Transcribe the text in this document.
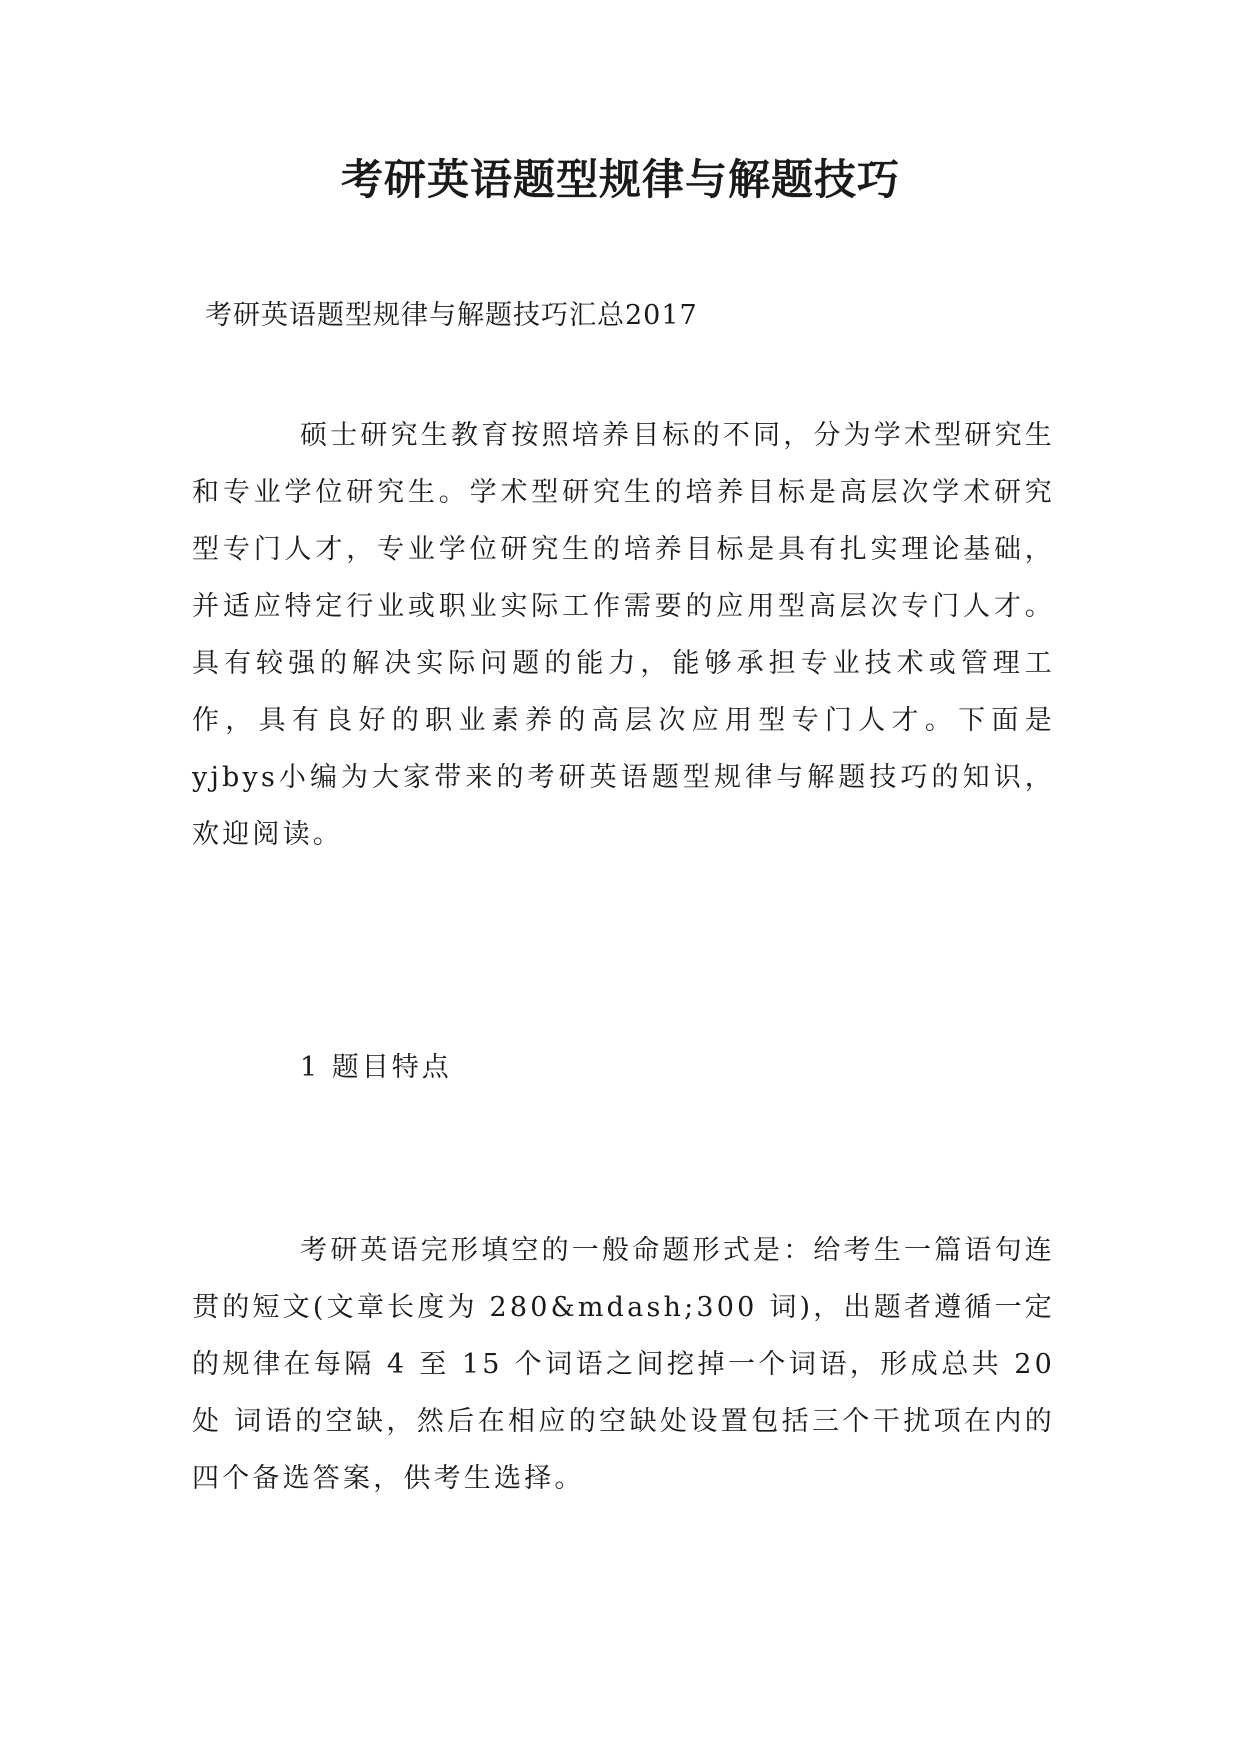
考研英语题型规律与解题技巧

考研英语题型规律与解题技巧汇总2017

硕士研究生教育按照培养目标的不同，分为学术型研究生和专业学位研究生。学术型研究生的培养目标是高层次学术研究型专门人才，专业学位研究生的培养目标是具有扎实理论基础，并适应特定行业或职业实际工作需要的应用型高层次专门人才。具有较强的解决实际问题的能力，能够承担专业技术或管理工作，具有良好的职业素养的高层次应用型专门人才。下面是yjbys小编为大家带来的考研英语题型规律与解题技巧的知识，欢迎阅读。

1 题目特点

考研英语完形填空的一般命题形式是：给考生一篇语句连贯的短文(文章长度为 280&mdash;300 词)，出题者遵循一定的规律在每隔 4 至 15 个词语之间挖掉一个词语，形成总共 20 处 词语的空缺，然后在相应的空缺处设置包括三个干扰项在内的四个备选答案，供考生选择。
